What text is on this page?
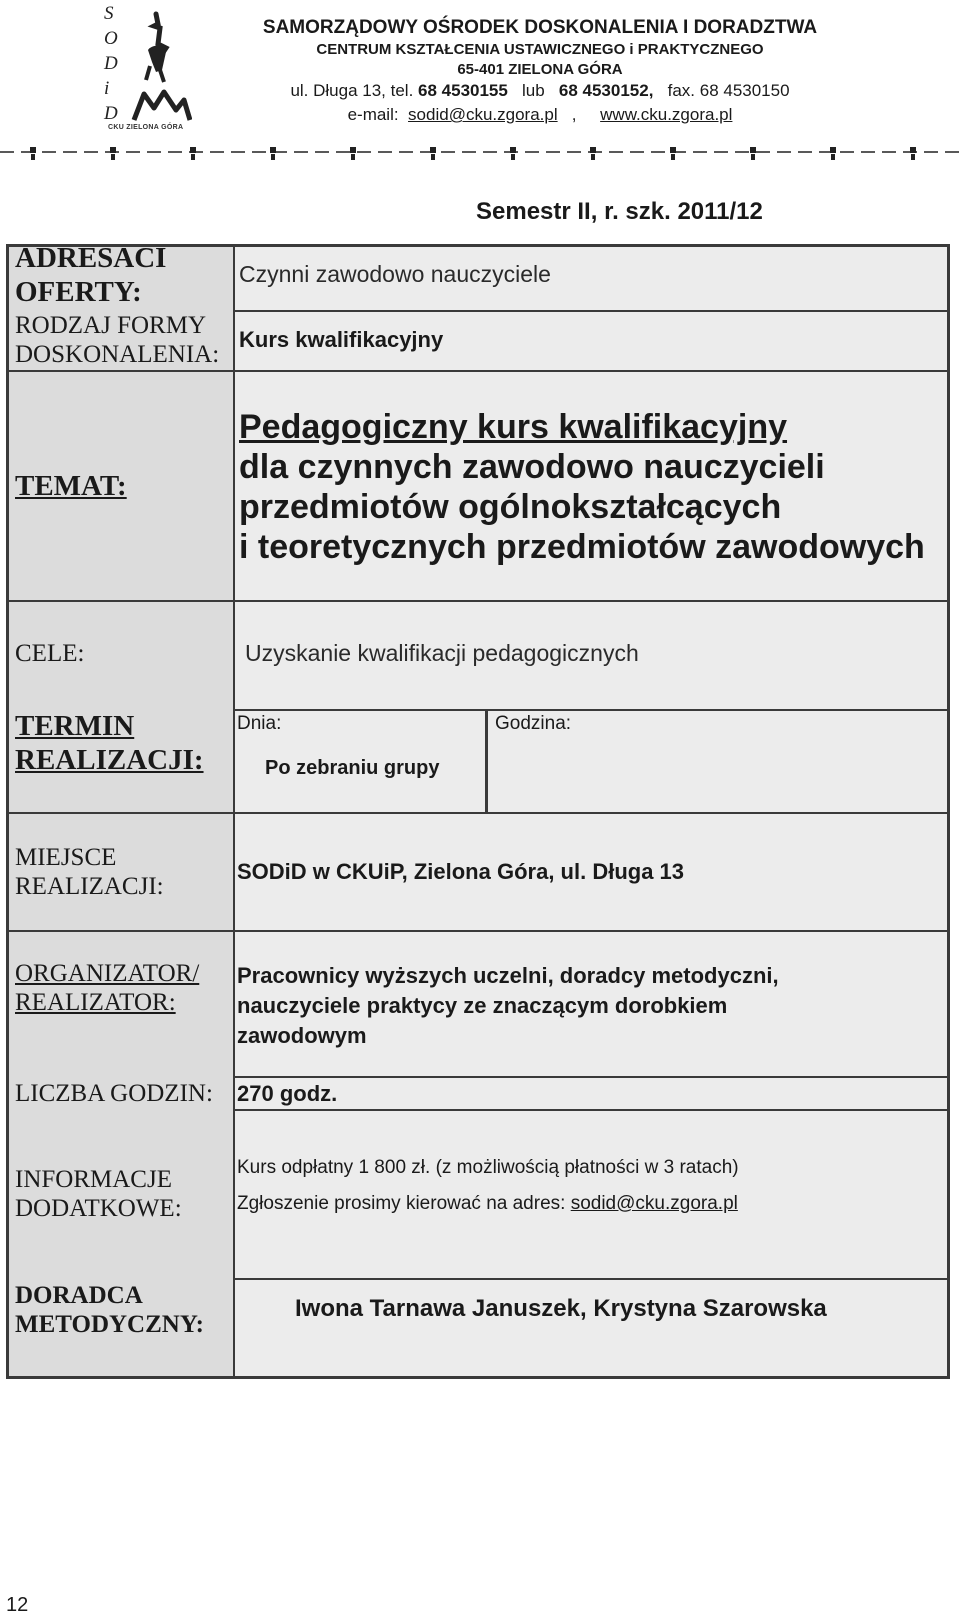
S
O
D
i
D
CKU ZIELONA GÓRA
SAMORZĄDOWY OŚRODEK DOSKONALENIA I DORADZTWA
CENTRUM KSZTAŁCENIA USTAWICZNEGO i PRAKTYCZNEGO
65-401 ZIELONA GÓRA
ul. Długa 13, tel. 68 4530155 lub 68 4530152, fax. 68 4530150
e-mail: sodid@cku.zgora.pl , www.cku.zgora.pl
Semestr II, r. szk. 2011/12
ADRESACI
OFERTY:
Czynni zawodowo nauczyciele
RODZAJ FORMY
DOSKONALENIA:
Kurs kwalifikacyjny
TEMAT:
Pedagogiczny kurs kwalifikacyjny
dla czynnych zawodowo nauczycieli
przedmiotów ogólnokształcących
i teoretycznych przedmiotów zawodowych
CELE:	Uzyskanie kwalifikacji pedagogicznych
TERMIN
REALIZACJI:
Dnia:
Po zebraniu grupy
Godzina:
MIEJSCE
REALIZACJI:
SODiD w CKUiP, Zielona Góra, ul. Długa 13
ORGANIZATOR/
REALIZATOR:
Pracownicy wyższych uczelni, doradcy metodyczni,
nauczyciele praktycy ze znaczącym dorobkiem
zawodowym
LICZBA GODZIN: 270 godz.
INFORMACJE
DODATKOWE:
Kurs odpłatny 1 800 zł. (z możliwością płatności w 3 ratach)
Zgłoszenie prosimy kierować na adres: sodid@cku.zgora.pl
DORADCA
METODYCZNY:
Iwona Tarnawa Januszek, Krystyna Szarowska
12
